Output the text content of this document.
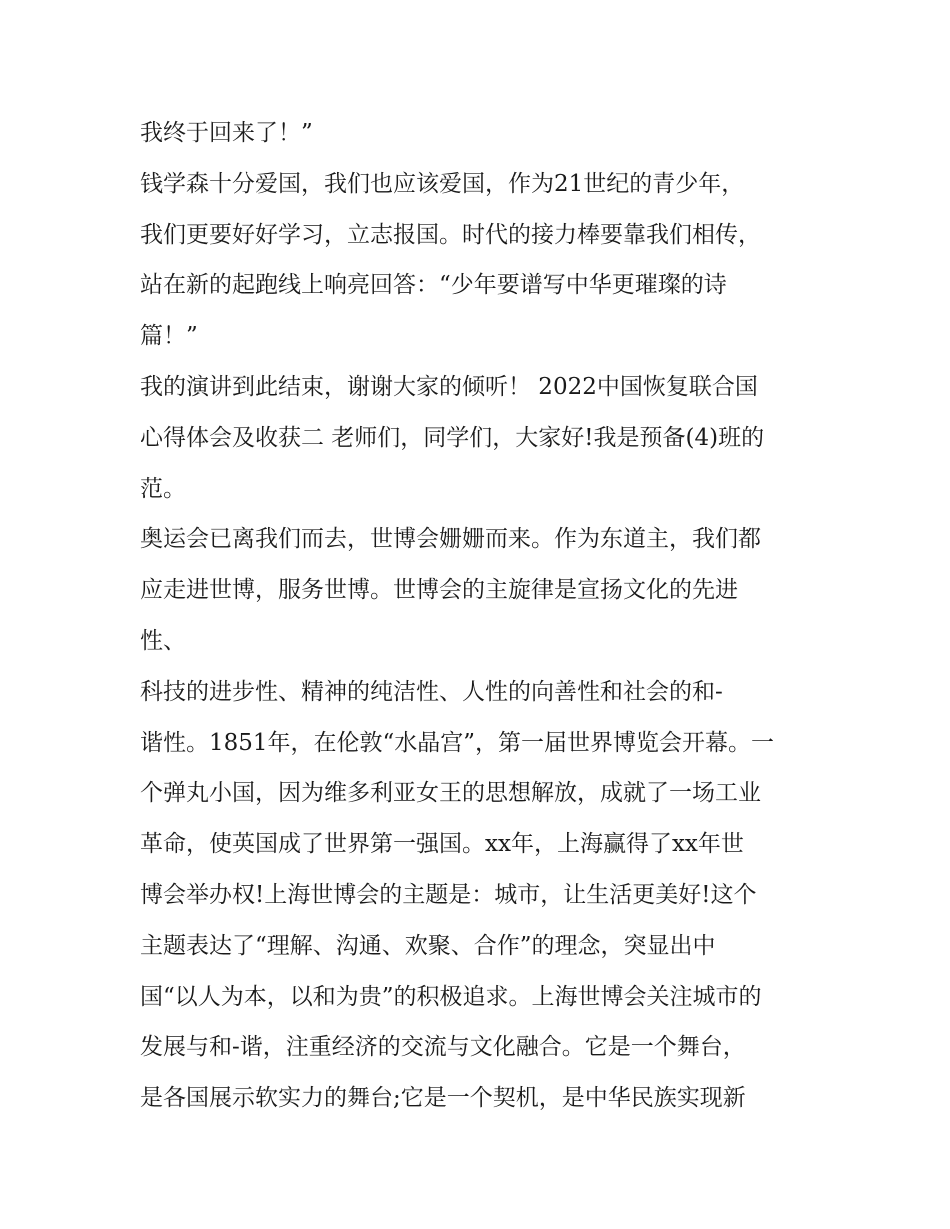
我终于回来了！”
钱学森十分爱国，我们也应该爱国，作为21世纪的青少年，
我们更要好好学习，立志报国。时代的接力棒要靠我们相传，
站在新的起跑线上响亮回答：“少年要谱写中华更璀璨的诗
篇！”
我的演讲到此结束，谢谢大家的倾听！ 2022中国恢复联合国
心得体会及收获二 老师们，同学们，大家好!我是预备(4)班的
范。
奥运会已离我们而去，世博会姗姗而来。作为东道主，我们都
应走进世博，服务世博。世博会的主旋律是宣扬文化的先进
性、
科技的进步性、精神的纯洁性、人性的向善性和社会的和-
谐性。1851年，在伦敦“水晶宫”，第一届世界博览会开幕。一
个弹丸小国，因为维多利亚女王的思想解放，成就了一场工业
革命，使英国成了世界第一强国。xx年，上海赢得了xx年世
博会举办权!上海世博会的主题是：城市，让生活更美好!这个
主题表达了“理解、沟通、欢聚、合作”的理念，突显出中
国“以人为本，以和为贵”的积极追求。上海世博会关注城市的
发展与和-谐，注重经济的交流与文化融合。它是一个舞台，
是各国展示软实力的舞台;它是一个契机，是中华民族实现新
